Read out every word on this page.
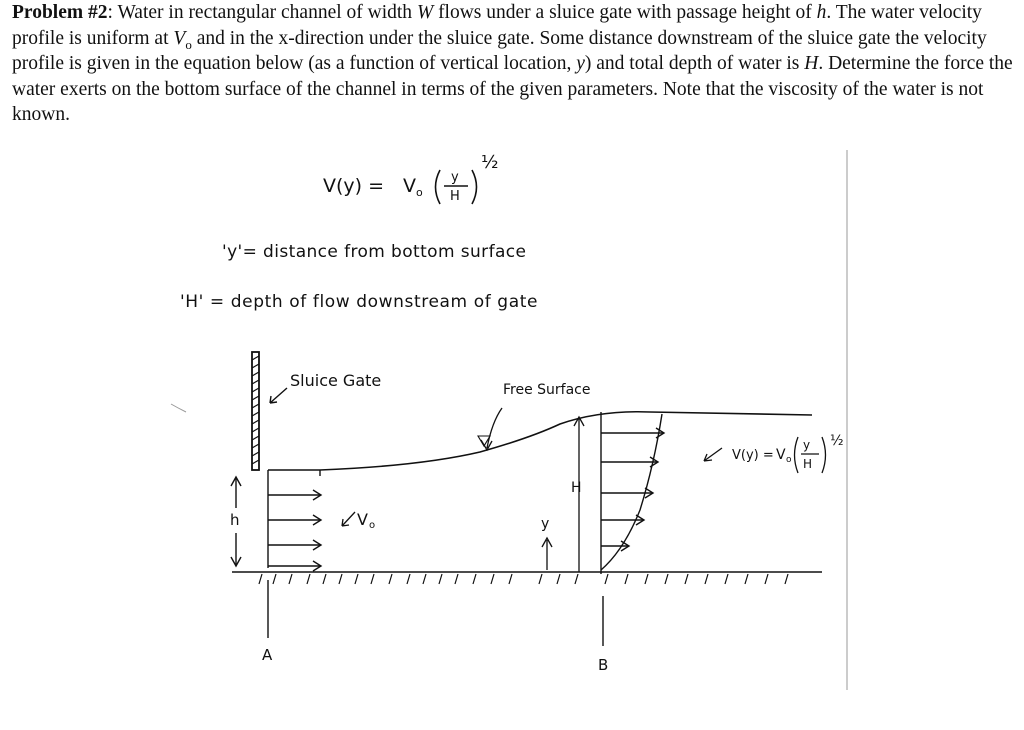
Problem #2: Water in rectangular channel of width W flows under a sluice gate with passage height of h. The water velocity profile is uniform at $V_o$ and in the x-direction under the sluice gate. Some distance downstream of the sluice gate the velocity profile is given in the equation below (as a function of vertical location, y) and total depth of water is H. Determine the force the water exerts on the bottom surface of the channel in terms of the given parameters. Note that the viscosity of the water is not known.

V(y) = V o
y
H
½
'y'= distance from bottom surface
'H' = depth of flow downstream of gate
Sluice Gate
h	V o
Free Surface
A
H
y
B
V(y) = V o
y
H
½
